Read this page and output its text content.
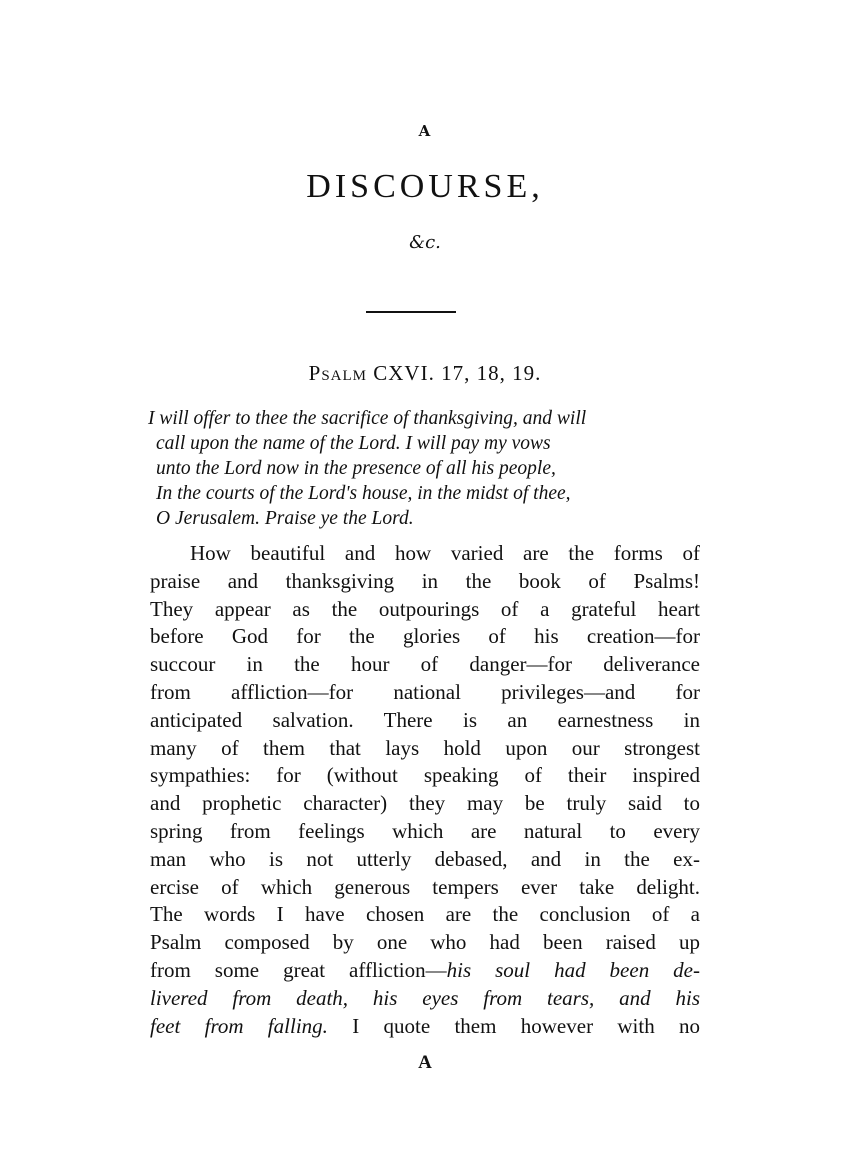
A
DISCOURSE,
&c.
Psalm CXVI. 17, 18, 19.
I will offer to thee the sacrifice of thanksgiving, and will
call upon the name of the Lord. I will pay my vows
unto the Lord now in the presence of all his people,
In the courts of the Lord's house, in the midst of thee,
O Jerusalem. Praise ye the Lord.
How beautiful and how varied are the forms of
praise and thanksgiving in the book of Psalms!
They appear as the outpourings of a grateful heart
before God for the glories of his creation—for
succour in the hour of danger—for deliverance
from affliction—for national privileges—and for
anticipated salvation. There is an earnestness in
many of them that lays hold upon our strongest
sympathies: for (without speaking of their inspired
and prophetic character) they may be truly said to
spring from feelings which are natural to every
man who is not utterly debased, and in the ex-
ercise of which generous tempers ever take delight.
The words I have chosen are the conclusion of a
Psalm composed by one who had been raised up
from some great affliction—his soul had been de-
livered from death, his eyes from tears, and his
feet from falling. I quote them however with no
A
